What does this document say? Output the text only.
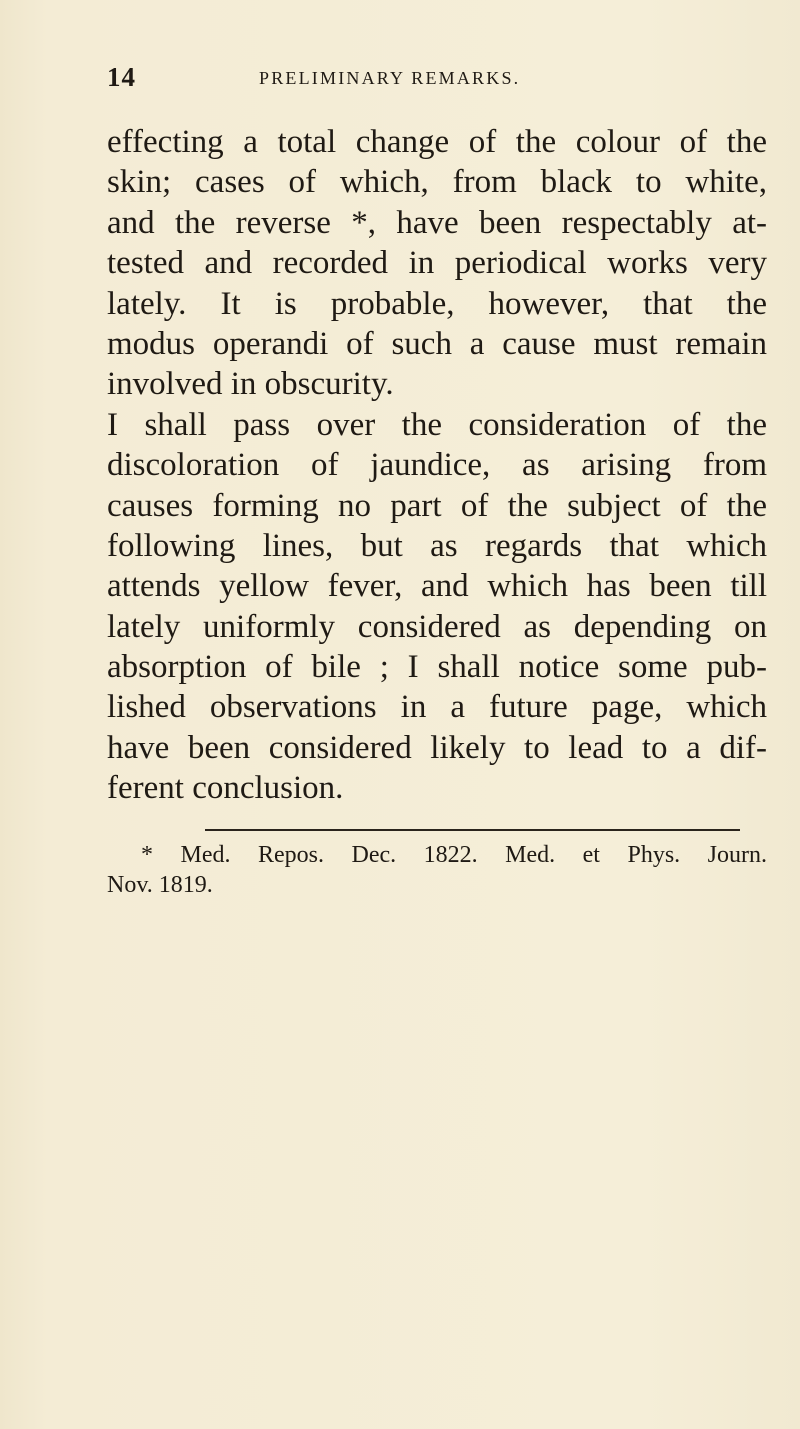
14	PRELIMINARY REMARKS.
effecting a total change of the colour of the
skin; cases of which, from black to white,
and the reverse *, have been respectably at-
tested and recorded in periodical works very
lately. It is probable, however, that the
modus operandi of such a cause must remain
involved in obscurity.
I shall pass over the consideration of the
discoloration of jaundice, as arising from
causes forming no part of the subject of the
following lines, but as regards that which
attends yellow fever, and which has been till
lately uniformly considered as depending on
absorption of bile ; I shall notice some pub-
lished observations in a future page, which
have been considered likely to lead to a dif-
ferent conclusion.
* Med. Repos. Dec. 1822. Med. et Phys. Journ.
Nov. 1819.
